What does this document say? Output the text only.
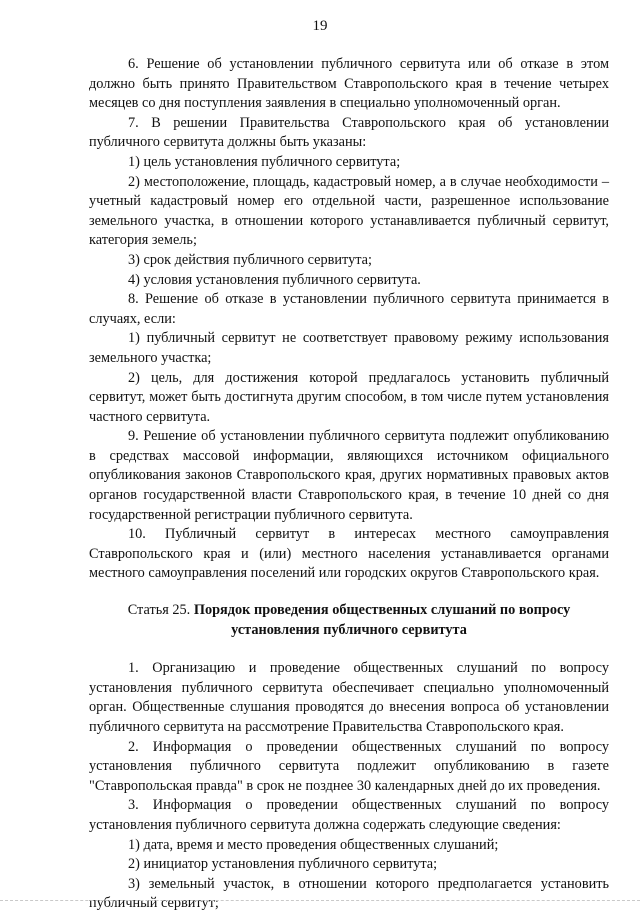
19

6. Решение об установлении публичного сервитута или об отказе в этом должно быть принято Правительством Ставропольского края в течение четырех месяцев со дня поступления заявления в специально уполномоченный орган.

7. В решении Правительства Ставропольского края об установлении публичного сервитута должны быть указаны:

1) цель установления публичного сервитута;

2) местоположение, площадь, кадастровый номер, а в случае необходимости – учетный кадастровый номер его отдельной части, разрешенное использование земельного участка, в отношении которого устанавливается публичный сервитут, категория земель;

3) срок действия публичного сервитута;

4) условия установления публичного сервитута.

8. Решение об отказе в установлении публичного сервитута принимается в случаях, если:

1) публичный сервитут не соответствует правовому режиму использования земельного участка;

2) цель, для достижения которой предлагалось установить публичный сервитут, может быть достигнута другим способом, в том числе путем установления частного сервитута.

9. Решение об установлении публичного сервитута подлежит опубликованию в средствах массовой информации, являющихся источником официального опубликования законов Ставропольского края, других нормативных правовых актов органов государственной власти Ставропольского края, в течение 10 дней со дня государственной регистрации публичного сервитута.

10. Публичный сервитут в интересах местного самоуправления Ставропольского края и (или) местного населения устанавливается органами местного самоуправления поселений или городских округов Ставропольского края.

Статья 25. Порядок проведения общественных слушаний по вопросу
установления публичного сервитута

1. Организацию и проведение общественных слушаний по вопросу установления публичного сервитута обеспечивает специально уполномоченный орган. Общественные слушания проводятся до внесения вопроса об установлении публичного сервитута на рассмотрение Правительства Ставропольского края.

2. Информация о проведении общественных слушаний по вопросу установления публичного сервитута подлежит опубликованию в газете "Ставропольская правда" в срок не позднее 30 календарных дней до их проведения.

3. Информация о проведении общественных слушаний по вопросу установления публичного сервитута должна содержать следующие сведения:

1) дата, время и место проведения общественных слушаний;

2) инициатор установления публичного сервитута;

3) земельный участок, в отношении которого предполагается установить публичный сервитут;
